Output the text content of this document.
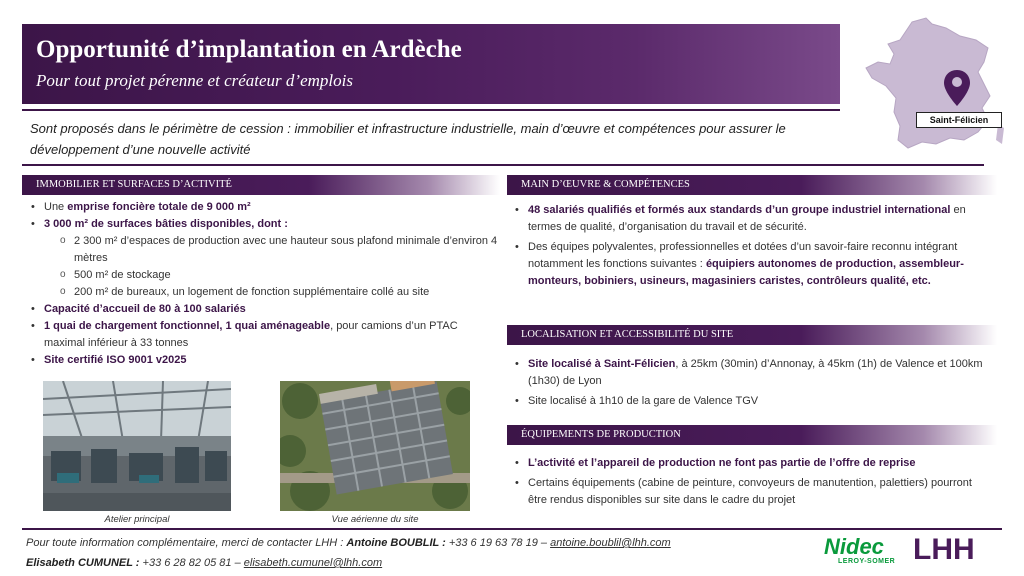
Opportunité d’implantation en Ardèche
Pour tout projet pérenne et créateur d’emplois
Saint-Félicien
Sont proposés dans le périmètre de cession : immobilier et infrastructure industrielle, main d’œuvre et compétences pour assurer le développement d’une nouvelle activité
IMMOBILIER ET SURFACES D’ACTIVITÉ
• Une emprise foncière totale de 9 000 m²
• 3 000 m² de surfaces bâties disponibles, dont :
o 2 300 m² d’espaces de production avec une hauteur sous plafond minimale d’environ 4 mètres
o 500 m² de stockage
o 200 m² de bureaux, un logement de fonction supplémentaire collé au site
• Capacité d’accueil de 80 à 100 salariés
• 1 quai de chargement fonctionnel, 1 quai aménageable, pour camions d’un PTAC maximal inférieur à 33 tonnes
• Site certifié ISO 9001 v2025
Atelier principal	Vue aérienne du site
MAIN D’ŒUVRE & COMPÉTENCES
• 48 salariés qualifiés et formés aux standards d’un groupe industriel international en termes de qualité, d’organisation du travail et de sécurité.
• Des équipes polyvalentes, professionnelles et dotées d’un savoir-faire reconnu intégrant notamment les fonctions suivantes : équipiers autonomes de production, assembleur-monteurs, bobiniers, usineurs, magasiniers caristes, contrôleurs qualité, etc.
LOCALISATION ET ACCESSIBILITÉ DU SITE
• Site localisé à Saint-Félicien, à 25km (30min) d’Annonay, à 45km (1h) de Valence et 100km (1h30) de Lyon
• Site localisé à 1h10 de la gare de Valence TGV
ÉQUIPEMENTS DE PRODUCTION
• L’activité et l’appareil de production ne font pas partie de l’offre de reprise
• Certains équipements (cabine de peinture, convoyeurs de manutention, palettiers) pourront être rendus disponibles sur site dans le cadre du projet
Pour toute information complémentaire, merci de contacter LHH : Antoine BOUBLIL : +33 6 19 63 78 19 – antoine.boublil@lhh.com
Elisabeth CUMUNEL : +33 6 28 82 05 81 – elisabeth.cumunel@lhh.com
Nidec
LEROY-SOMER LHH
